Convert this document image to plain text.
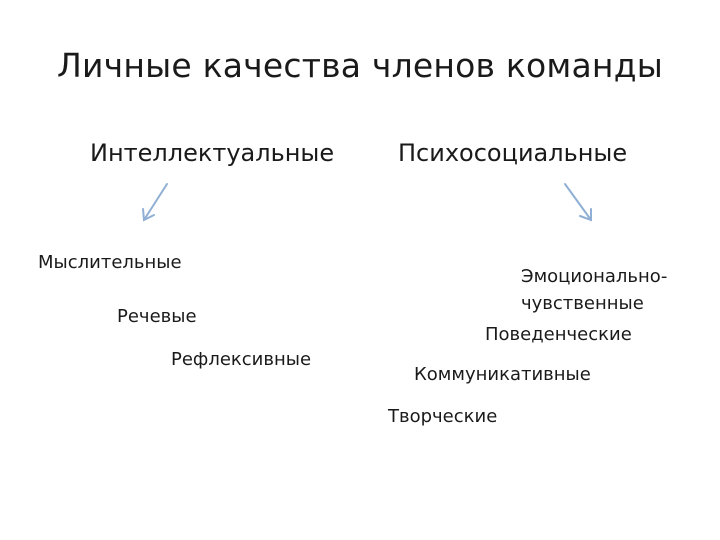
Личные качества членов команды
Интеллектуальные	Психосоциальные
Мыслительные
Речевые
Рефлексивные
Эмоционально-
чувственные
Поведенческие
Коммуникативные
Творческие
